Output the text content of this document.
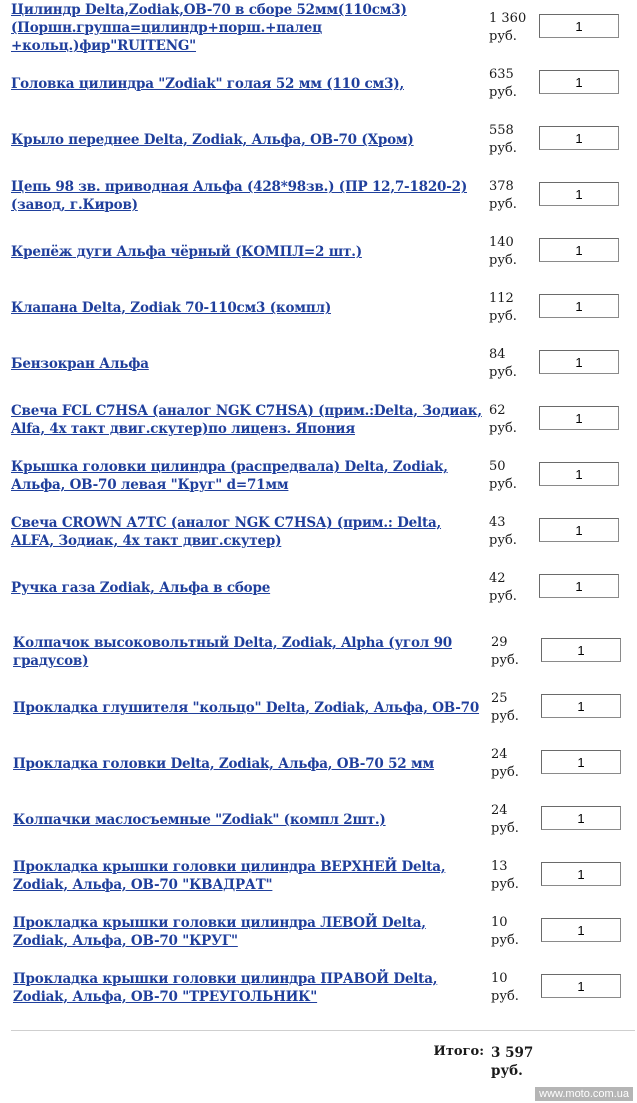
Цилиндр Delta,Zodiak,OB-70 в сборе 52мм(110см3) (Поршн.группа=цилиндр+порш.+палец +кольц.)фир"RUITENG"
1 360
руб.
1
Головка цилиндра "Zodiak" голая 52 мм (110 см3),
635
руб.
1
Крыло переднее Delta, Zodiak, Альфа, OB-70 (Хром)
558
руб.
1
Цепь 98 зв. приводная Альфа (428*98зв.) (ПР 12,7-1820-2) (завод, г.Киров)
378
руб.
1
Крепёж дуги Альфа чёрный (КОМПЛ=2 шт.)
140
руб.
1
Клапана Delta, Zodiak 70-110см3 (компл)
112
руб.
1
Бензокран Альфа
84
руб.
1
Свеча FCL C7HSA (аналог NGK C7HSA) (прим.:Delta, Зодиак, Alfa, 4х такт двиг.скутер)по лиценз. Япония
62
руб.
1
Крышка головки цилиндра (распредвала) Delta, Zodiak, Альфа, OB-70 левая "Круг" d=71мм
50
руб.
1
Свеча CROWN A7TC (аналог NGK C7HSA) (прим.: Delta, ALFA, Зодиак, 4х такт двиг.скутер)
43
руб.
1
Ручка газа Zodiak, Альфа в сборе
42
руб.
1
Колпачок высоковольтный Delta, Zodiak, Alpha (угол 90 градусов)
29
руб.
1
Прокладка глушителя "кольцо" Delta, Zodiak, Альфа, OB-70
25
руб.
1
Прокладка головки Delta, Zodiak, Альфа, OB-70 52 мм
24
руб.
1
Колпачки маслосъемные "Zodiak" (компл 2шт.)
24
руб.
1
Прокладка крышки головки цилиндра ВЕРХНЕЙ Delta, Zodiak, Альфа, OB-70 "КВАДРАТ"
13
руб.
1
Прокладка крышки головки цилиндра ЛЕВОЙ Delta, Zodiak, Альфа, OB-70 "КРУГ"
10
руб.
1
Прокладка крышки головки цилиндра ПРАВОЙ Delta, Zodiak, Альфа, OB-70 "ТРЕУГОЛЬНИК"
10
руб.
1
Итого: 3 597
руб.
www.moto.com.ua
